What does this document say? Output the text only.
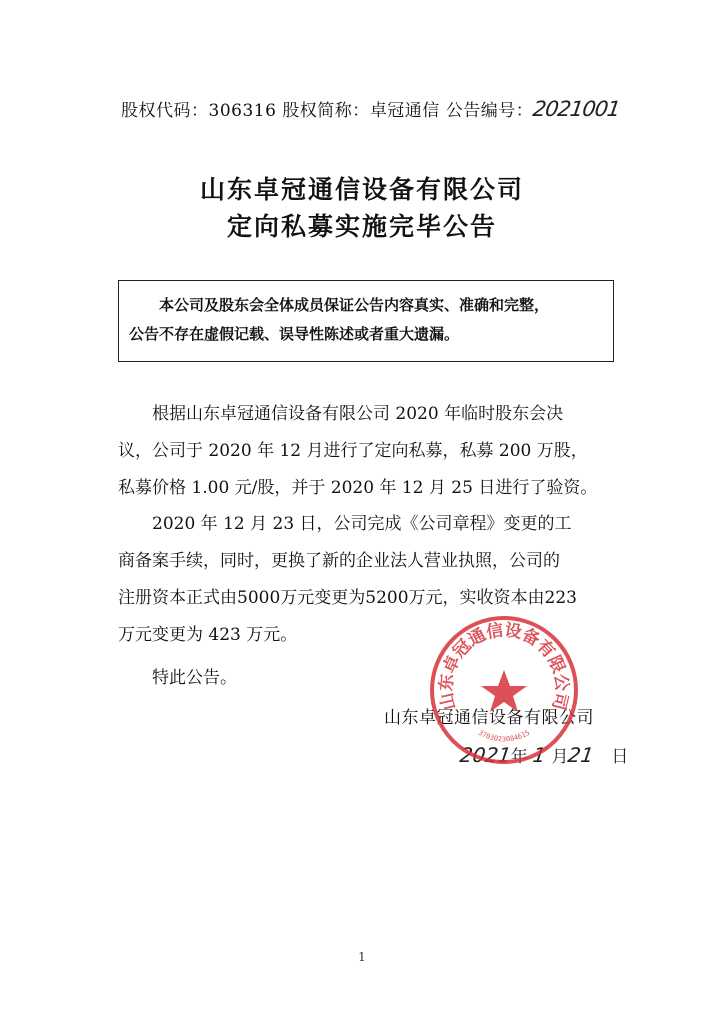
股权代码：306316 股权简称：卓冠通信 公告编号：2021001
山东卓冠通信设备有限公司
定向私募实施完毕公告

本公司及股东会全体成员保证公告内容真实、准确和完整，

公告不存在虚假记载、误导性陈述或者重大遗漏。

根据山东卓冠通信设备有限公司 2020 年临时股东会决

议，公司于 2020 年 12 月进行了定向私募，私募 200 万股，

私募价格 1.00 元/股，并于 2020 年 12 月 25 日进行了验资。

2020 年 12 月 23 日，公司完成《公司章程》变更的工

商备案手续，同时，更换了新的企业法人营业执照，公司的

注册资本正式由5000万元变更为5200万元，实收资本由223

万元变更为 423 万元。

特此公告。

山东卓冠通信设备有限公司
2021年 1 月21 日
山东卓冠通信设备有限公司
3703023084615
1
